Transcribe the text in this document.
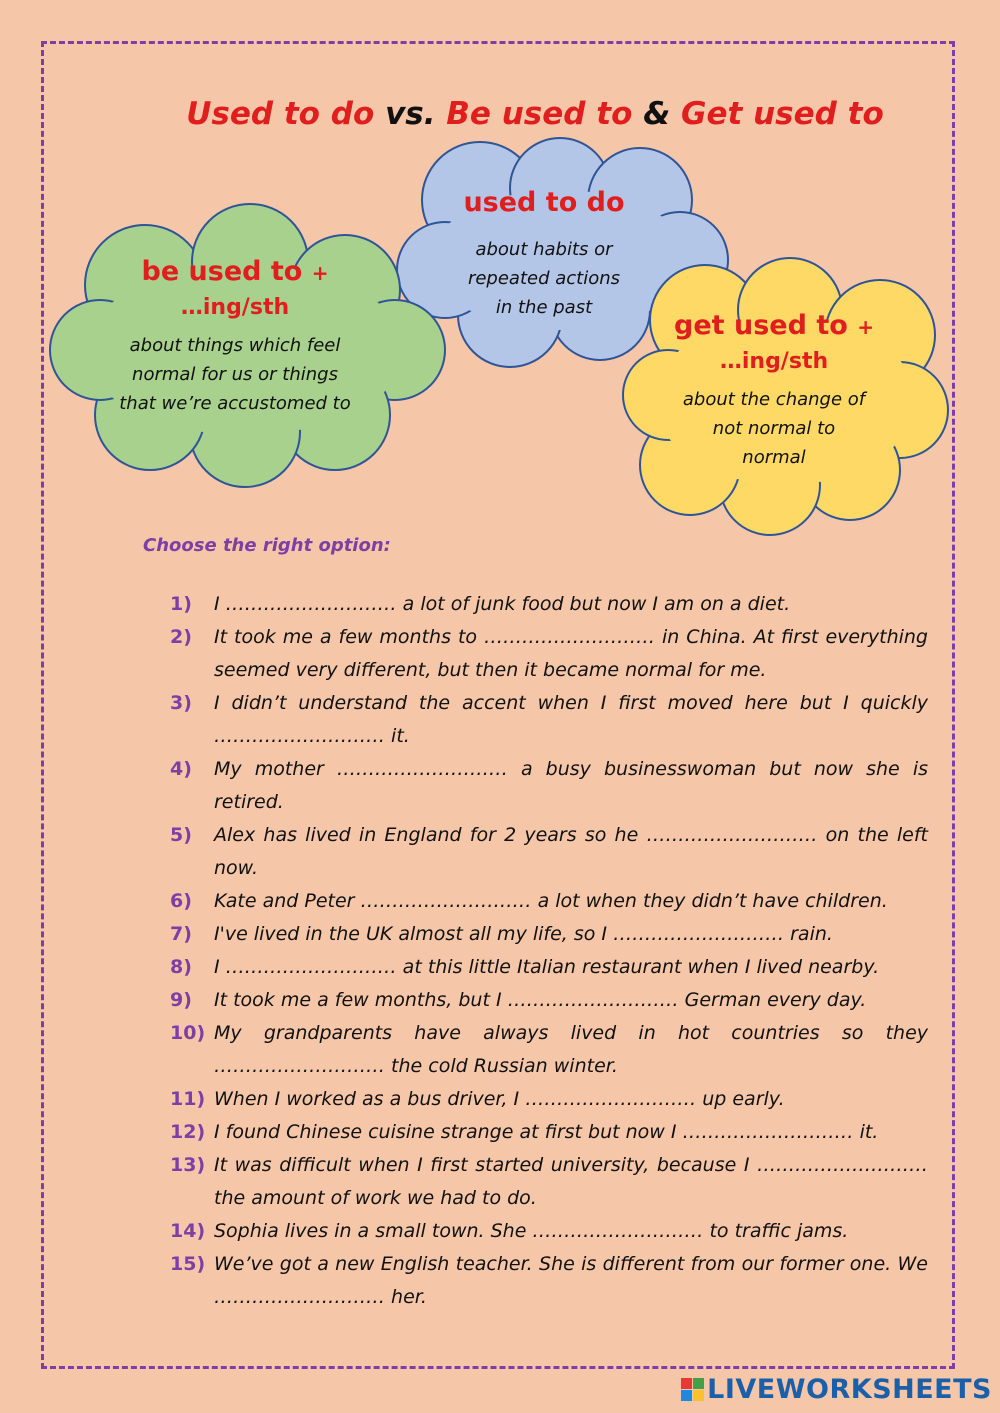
Used to do vs. Be used to & Get used to
be used to +
…ing/sth
about things which feel
normal for us or things
that we’re accustomed to
used to do
about habits or
repeated actions
in the past
get used to +
…ing/sth
about the change of
not normal to
normal
Choose the right option:
1)	I ……………………… a lot of junk food but now I am on a diet.
2)	It took me a few months to ……………………… in China. At first everything seemed very different, but then it became normal for me.
3)	I didn’t understand the accent when I first moved here but I quickly ……………………… it.
4)	My mother ……………………… a busy businesswoman but now she is retired.
5)	Alex has lived in England for 2 years so he ……………………… on the left now.
6)	Kate and Peter ……………………… a lot when they didn’t have children.
7)	I've lived in the UK almost all my life, so I ……………………… rain.
8)	I ……………………… at this little Italian restaurant when I lived nearby.
9)	It took me a few months, but I ……………………… German every day.
10) My grandparents have always lived in hot countries so they ……………………… the cold Russian winter.
11) When I worked as a bus driver, I ……………………… up early.
12) I found Chinese cuisine strange at first but now I ……………………… it.
13) It was difficult when I first started university, because I ……………………… the amount of work we had to do.
14) Sophia lives in a small town. She ……………………… to traffic jams.
15) We’ve got a new English teacher. She is different from our former one. We ……………………… her.
LIVEWORKSHEETS
